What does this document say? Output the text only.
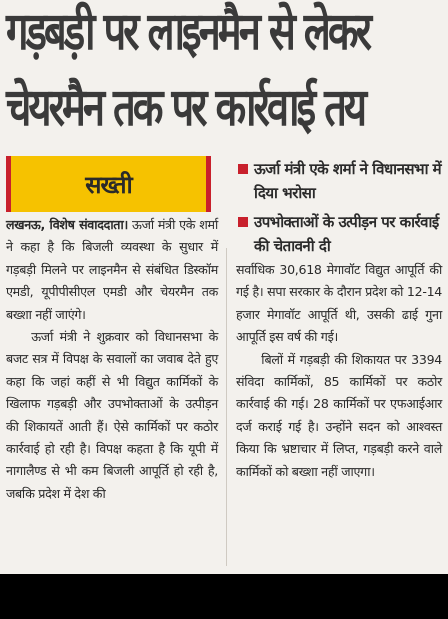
गड़बड़ी पर लाइनमैन से लेकर
चेयरमैन तक पर कार्रवाई तय
सख्ती
ऊर्जा मंत्री एके शर्मा ने विधानसभा में दिया भरोसा
उपभोक्ताओं के उत्पीड़न पर कार्रवाई की चेतावनी दी

लखनऊ, विशेष संवाददाता। ऊर्जा मंत्री एके शर्मा ने कहा है कि बिजली व्यवस्था के सुधार में गड़बड़ी मिलने पर लाइनमैन से संबंधित डिस्कॉम एमडी, यूपीपीसीएल एमडी और चेयरमैन तक बख्शा नहीं जाएंगे।

ऊर्जा मंत्री ने शुक्रवार को विधानसभा के बजट सत्र में विपक्ष के सवालों का जवाब देते हुए कहा कि जहां कहीं से भी विद्युत कार्मिकों के खिलाफ गड़बड़ी और उपभोक्ताओं के उत्पीड़न की शिकायतें आती हैं। ऐसे कार्मिकों पर कठोर कार्रवाई हो रही है। विपक्ष कहता है कि यूपी में नागालैण्ड से भी कम बिजली आपूर्ति हो रही है, जबकि प्रदेश में देश की

सर्वाधिक 30,618 मेगावॉट विद्युत आपूर्ति की गई है। सपा सरकार के दौरान प्रदेश को 12-14 हजार मेगावॉट आपूर्ति थी, उसकी ढाई गुना आपूर्ति इस वर्ष की गई।

बिलों में गड़बड़ी की शिकायत पर 3394 संविदा कार्मिकों, 85 कार्मिकों पर कठोर कार्रवाई की गई। 28 कार्मिकों पर एफआईआर दर्ज कराई गई है। उन्होंने सदन को आश्वस्त किया कि भ्रष्टाचार में लिप्त, गड़बड़ी करने वाले कार्मिकों को बख्शा नहीं जाएगा।
